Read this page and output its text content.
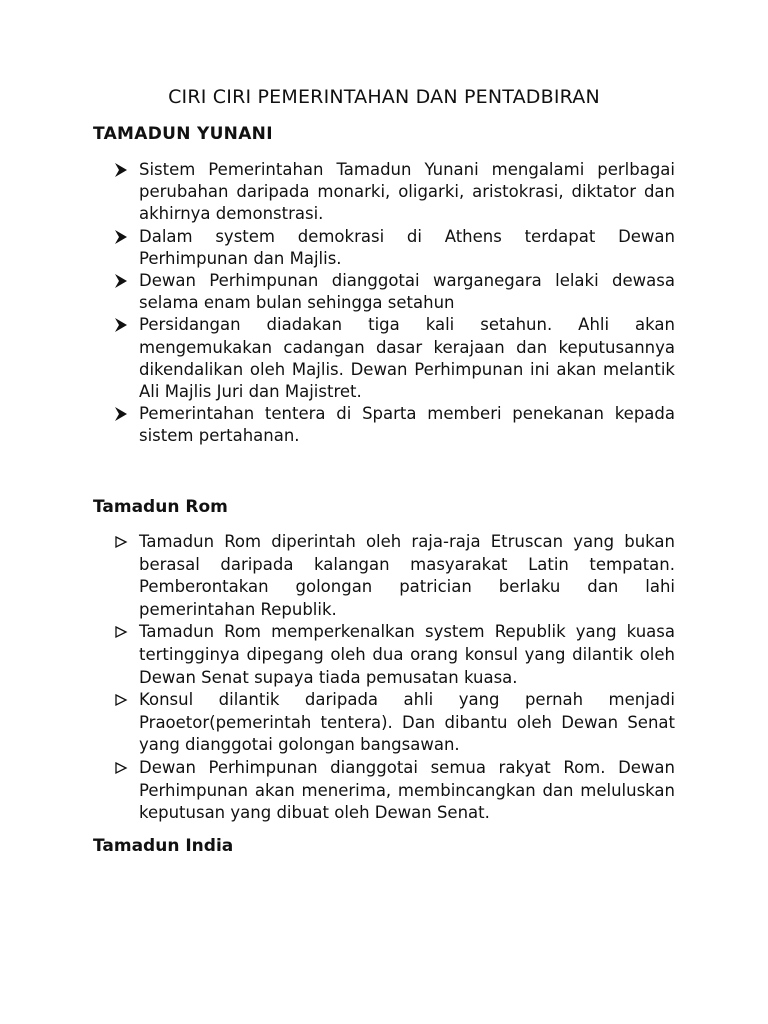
CIRI CIRI PEMERINTAHAN DAN PENTADBIRAN
TAMADUN YUNANI
Sistem Pemerintahan Tamadun Yunani mengalami perlbagai perubahan daripada monarki, oligarki, aristokrasi, diktator dan akhirnya demonstrasi.
Dalam system demokrasi di Athens terdapat Dewan Perhimpunan dan Majlis.
Dewan Perhimpunan dianggotai warganegara lelaki dewasa selama enam bulan sehingga setahun
Persidangan diadakan tiga kali setahun. Ahli akan mengemukakan cadangan dasar kerajaan dan keputusannya dikendalikan oleh Majlis. Dewan Perhimpunan ini akan melantik Ali Majlis Juri dan Majistret.
Pemerintahan tentera di Sparta memberi penekanan kepada sistem pertahanan.
Tamadun Rom
Tamadun Rom diperintah oleh raja-raja Etruscan yang bukan berasal daripada kalangan masyarakat Latin tempatan. Pemberontakan golongan patrician berlaku dan lahi pemerintahan Republik.
Tamadun Rom memperkenalkan system Republik yang kuasa tertingginya dipegang oleh dua orang konsul yang dilantik oleh Dewan Senat supaya tiada pemusatan kuasa.
Konsul dilantik daripada ahli yang pernah menjadi Praoetor(pemerintah tentera). Dan dibantu oleh Dewan Senat yang dianggotai golongan bangsawan.
Dewan Perhimpunan dianggotai semua rakyat Rom. Dewan Perhimpunan akan menerima, membincangkan dan meluluskan keputusan yang dibuat oleh Dewan Senat.
Tamadun India
